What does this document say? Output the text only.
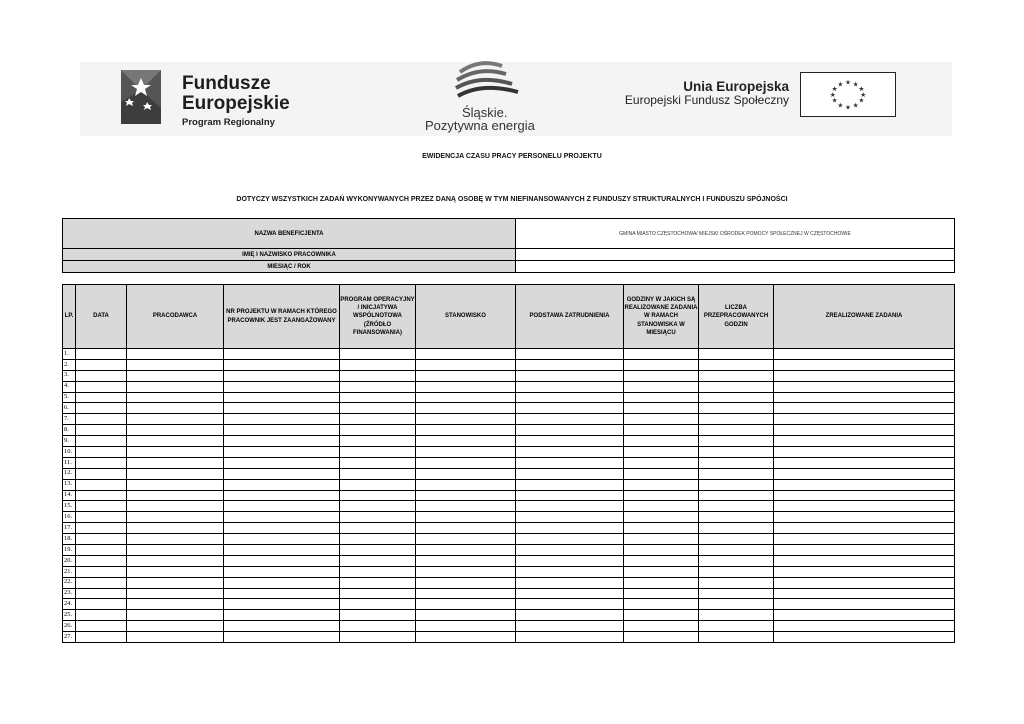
Fundusze
Europejskie
Program Regionalny
Śląskie.
Pozytywna energia
Unia Europejska
Europejski Fundusz Społeczny
★ ★
★
★
★
★
★
★
★
★
★
★
EWIDENCJA CZASU PRACY PERSONELU PROJEKTU
DOTYCZY WSZYSTKICH ZADAŃ WYKONYWANYCH PRZEZ DANĄ OSOBĘ W TYM NIEFINANSOWANYCH Z FUNDUSZY STRUKTURALNYCH I FUNDUSZU SPÓJNOŚCI
NAZWA BENEFICJENTA	GMINA MIASTO CZĘSTOCHOWA/ MIEJSKI OŚRODEK POMOCY SPOŁECZNEJ W CZĘSTOCHOWIE
IMIĘ I NAZWISKO PRACOWNIKA	
MIESIĄC / ROK	
LP.	DATA	PRACODAWCA	NR PROJEKTU W RAMACH KTÓREGO PRACOWNIK JEST ZAANGAŻOWANY	PROGRAM OPERACYJNY / INICJATYWA WSPÓLNOTOWA (ŹRÓDŁO FINANSOWANIA)	STANOWISKO	PODSTAWA ZATRUDNIENIA	GODZINY W JAKICH SĄ REALIZOWANE ZADANIA W RAMACH STANOWISKA W MIESIĄCU	LICZBA PRZEPRACOWANYCH GODZIN	ZREALIZOWANE ZADANIA
1.									
2.									
3.									
4.									
5.									
6.									
7.									
8.									
9.									
10.									
11.									
12.									
13.									
14.									
15.									
16.									
17.									
18.									
19.									
20.									
21.									
22.									
23.									
24.									
25.									
26.									
27.									
